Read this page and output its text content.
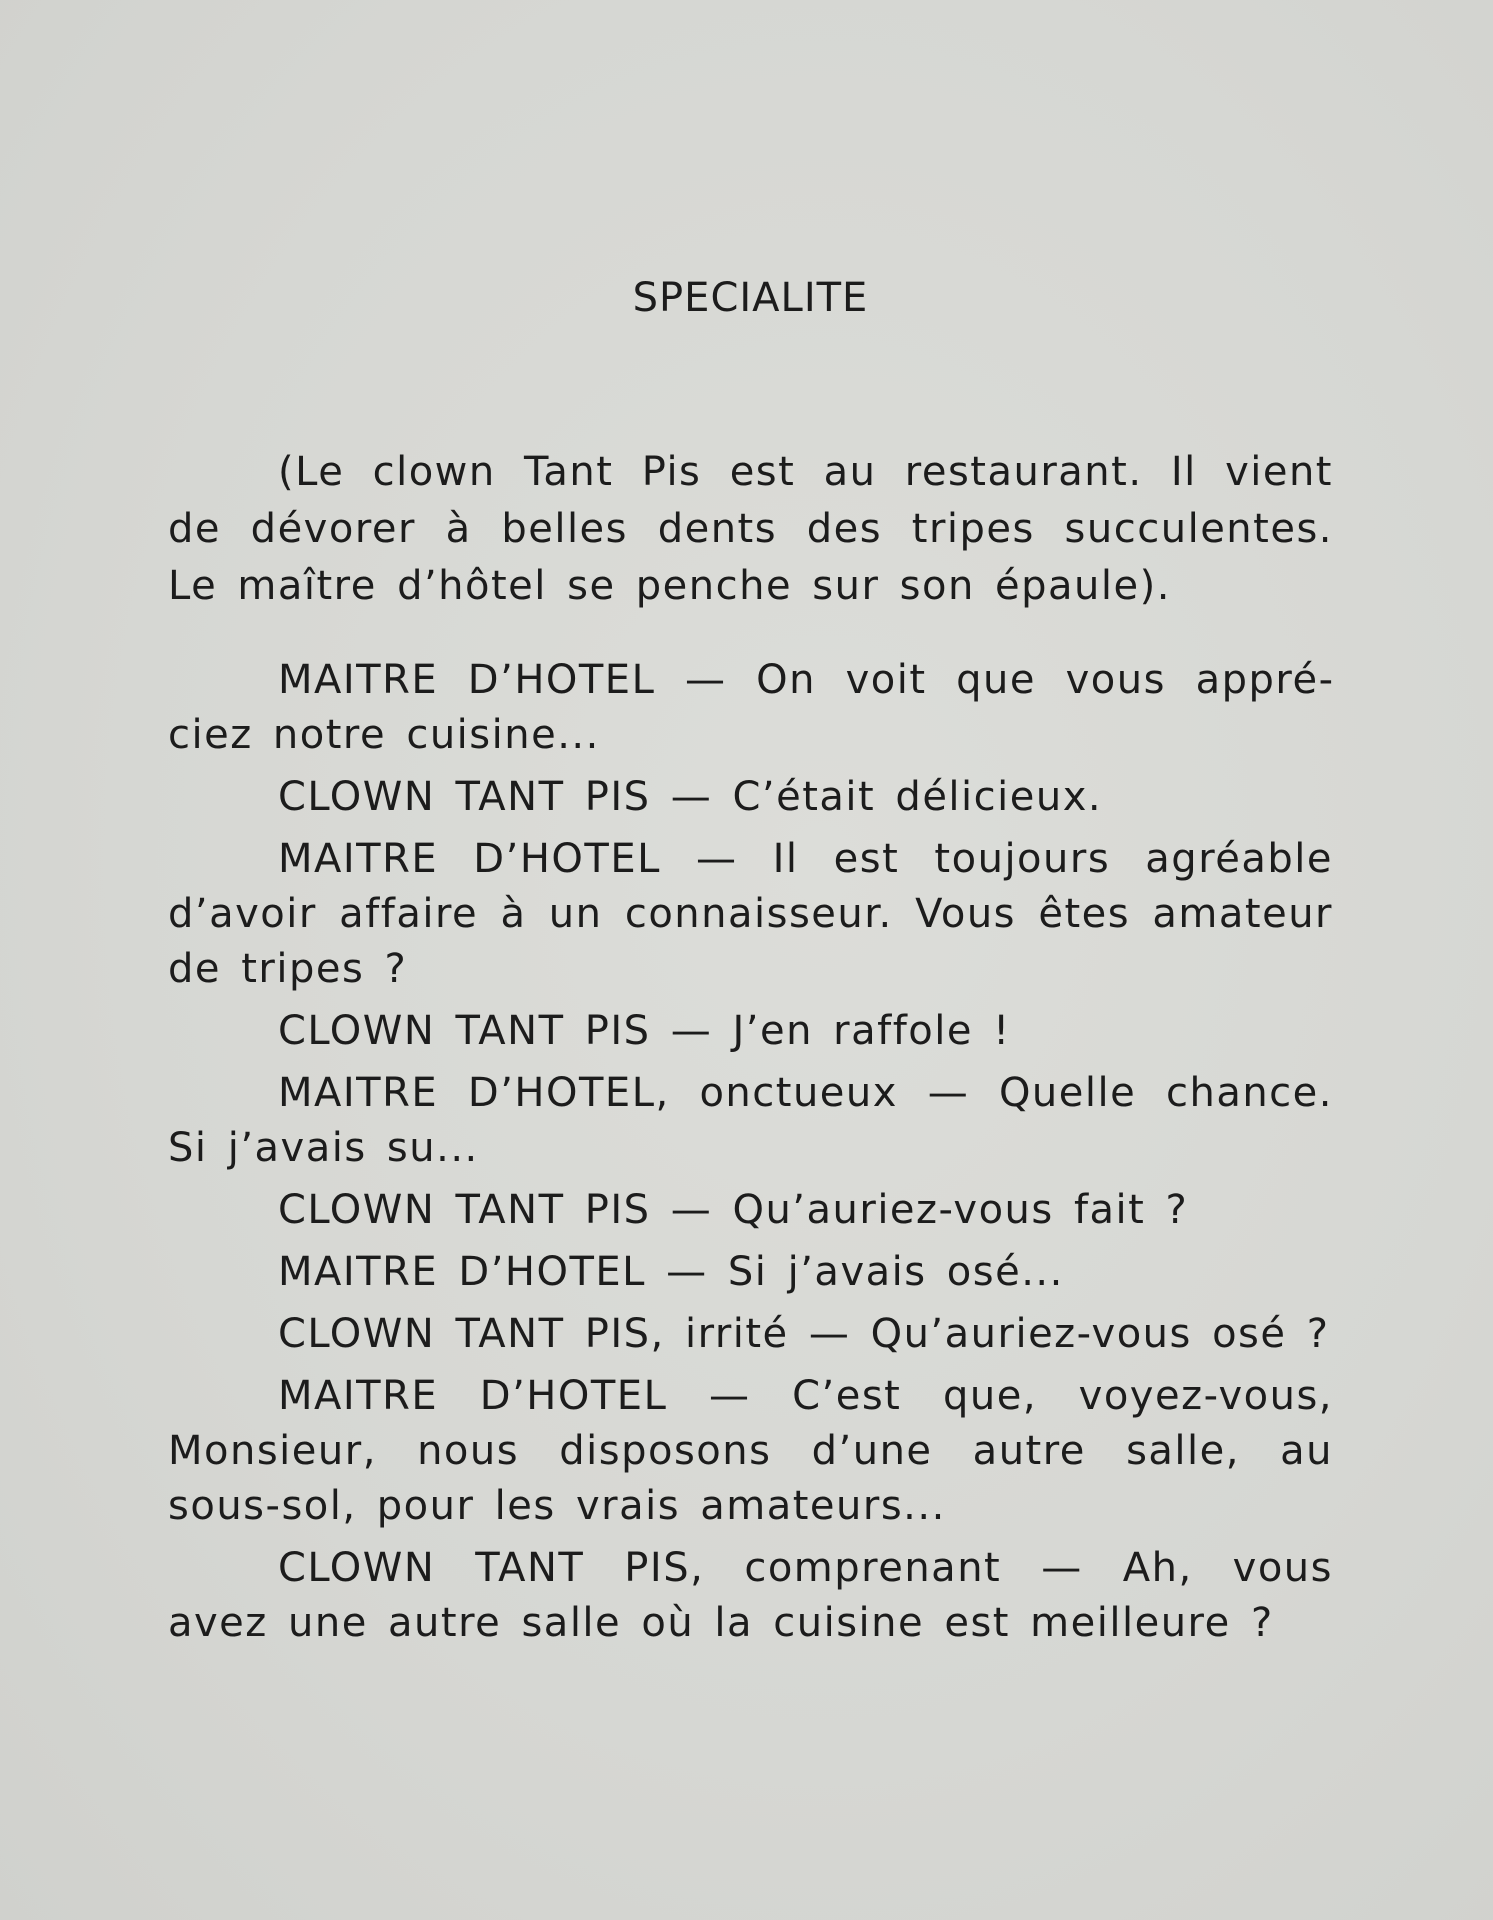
SPECIALITE

(Le clown Tant Pis est au restaurant. Il vient de dévorer à belles dents des tripes succulentes. Le maître d’hôtel se penche sur son épaule).

MAITRE D’HOTEL — On voit que vous appréciez notre cuisine...

CLOWN TANT PIS — C’était délicieux.

MAITRE D’HOTEL — Il est toujours agréable d’avoir affaire à un connaisseur. Vous êtes amateur de tripes ?

CLOWN TANT PIS — J’en raffole !

MAITRE D’HOTEL, onctueux — Quelle chance. Si j’avais su...

CLOWN TANT PIS — Qu’auriez-vous fait ?

MAITRE D’HOTEL — Si j’avais osé...

CLOWN TANT PIS, irrité — Qu’auriez-vous osé ?

MAITRE D’HOTEL — C’est que, voyez-vous, Monsieur, nous disposons d’une autre salle, au sous-sol, pour les vrais amateurs...

CLOWN TANT PIS, comprenant — Ah, vous avez une autre salle où la cuisine est meilleure ?
